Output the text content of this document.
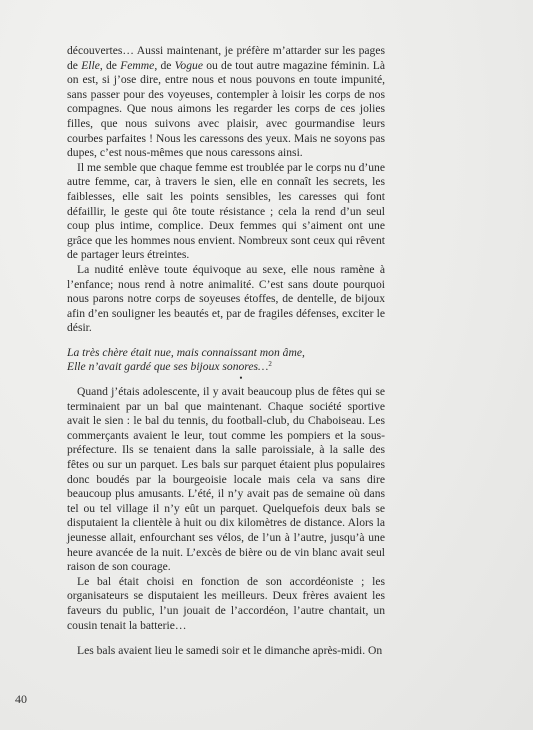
découvertes… Aussi maintenant, je préfère m’attarder sur les pages de Elle, de Femme, de Vogue ou de tout autre magazine féminin. Là on est, si j’ose dire, entre nous et nous pouvons en toute impunité, sans passer pour des voyeuses, contempler à loisir les corps de nos compagnes. Que nous aimons les regarder les corps de ces jolies filles, que nous suivons avec plaisir, avec gourmandise leurs courbes parfaites ! Nous les caressons des yeux. Mais ne soyons pas dupes, c’est nous-mêmes que nous caressons ainsi.

Il me semble que chaque femme est troublée par le corps nu d’une autre femme, car, à travers le sien, elle en connaît les secrets, les faiblesses, elle sait les points sensibles, les caresses qui font défaillir, le geste qui ôte toute résistance ; cela la rend d’un seul coup plus intime, complice. Deux femmes qui s’aiment ont une grâce que les hommes nous envient. Nombreux sont ceux qui rêvent de partager leurs étreintes.

La nudité enlève toute équivoque au sexe, elle nous ramène à l’enfance; nous rend à notre animalité. C’est sans doute pourquoi nous parons notre corps de soyeuses étoffes, de dentelle, de bijoux afin d’en souligner les beautés et, par de fragiles défenses, exciter le désir.

La très chère était nue, mais connaissant mon âme,

Elle n’avait gardé que ses bijoux sonores…$^2$

•

Quand j’étais adolescente, il y avait beaucoup plus de fêtes qui se terminaient par un bal que maintenant. Chaque société sportive avait le sien : le bal du tennis, du football-club, du Chaboiseau. Les commerçants avaient le leur, tout comme les pompiers et la sous-préfecture. Ils se tenaient dans la salle paroissiale, à la salle des fêtes ou sur un parquet. Les bals sur parquet étaient plus populaires donc boudés par la bourgeoisie locale mais cela va sans dire beaucoup plus amusants. L’été, il n’y avait pas de semaine où dans tel ou tel village il n’y eût un parquet. Quelquefois deux bals se disputaient la clientèle à huit ou dix kilomètres de distance. Alors la jeunesse allait, enfourchant ses vélos, de l’un à l’autre, jusqu’à une heure avancée de la nuit. L’excès de bière ou de vin blanc avait seul raison de son courage.

Le bal était choisi en fonction de son accordéoniste ; les organisateurs se disputaient les meilleurs. Deux frères avaient les faveurs du public, l’un jouait de l’accordéon, l’autre chantait, un cousin tenait la batterie…

Les bals avaient lieu le samedi soir et le dimanche après-midi. On

40
